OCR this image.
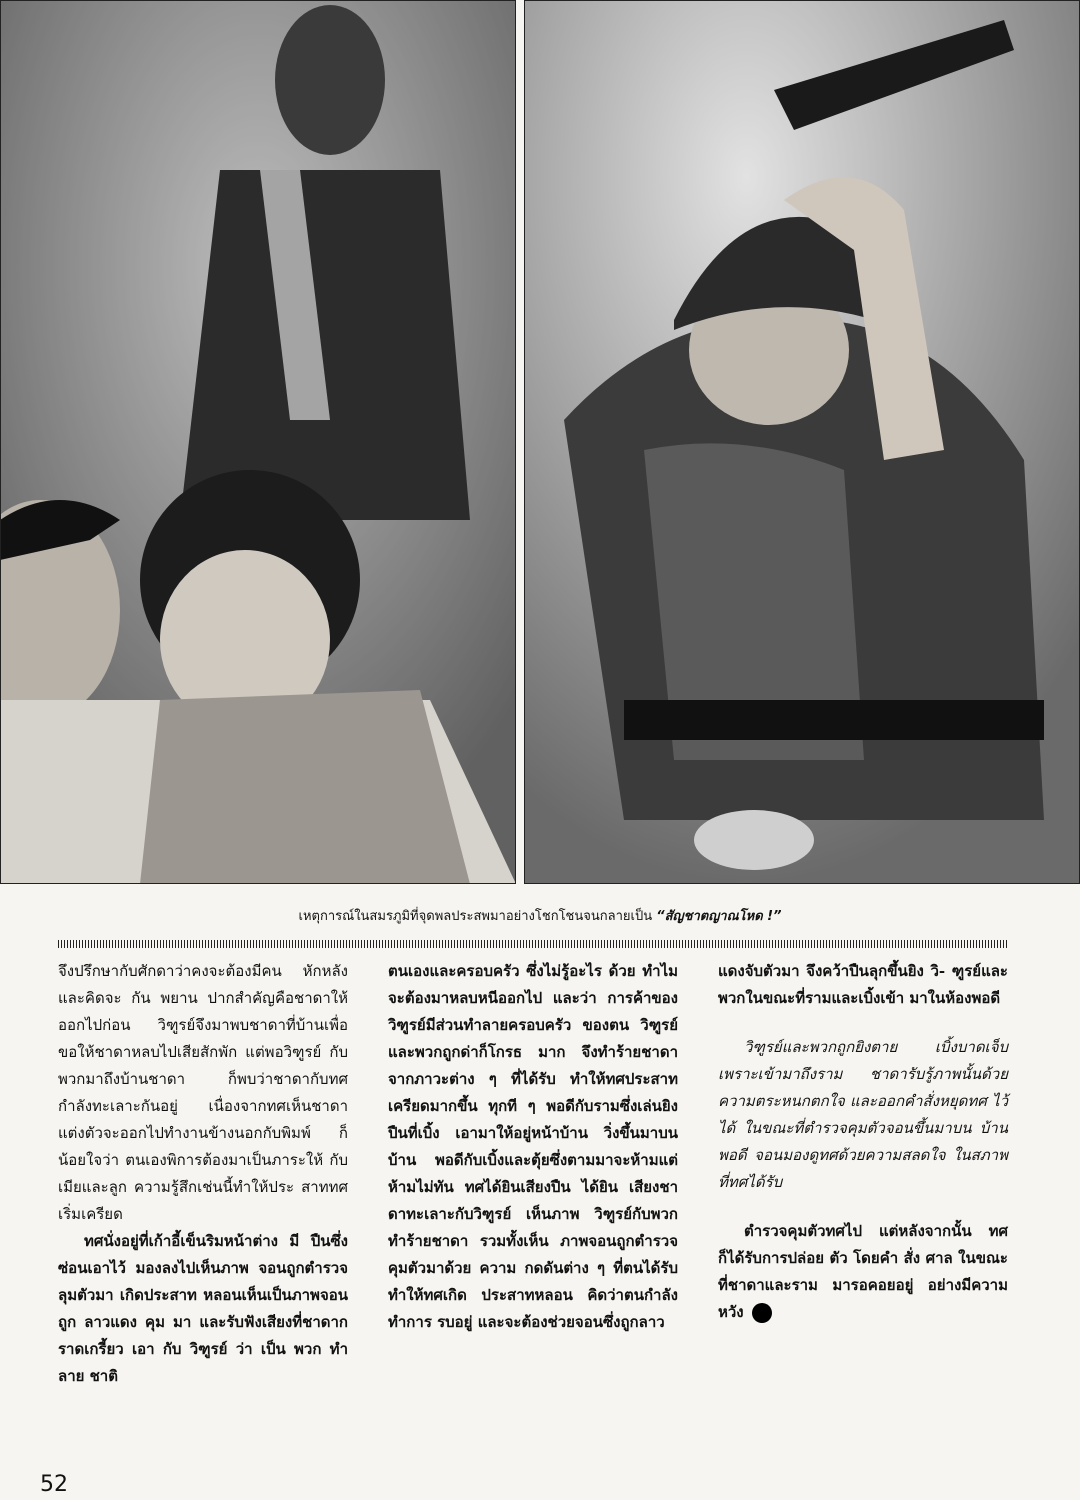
เหตุการณ์ในสมรภูมิที่จุดพลประสพมาอย่างโชกโชนจนกลายเป็น “สัญชาตญาณโหด !”

จึงปรึกษากับศักดาว่าคงจะต้องมีคน หักหลัง และคิดจะ กัน พยาน ปากสำคัญคือชาดาให้ ออกไปก่อน วิฑูรย์จึงมาพบชาดาที่บ้านเพื่อ ขอให้ชาดาหลบไปเสียสักพัก แต่พอวิฑูรย์ กับพวกมาถึงบ้านชาดา ก็พบว่าชาดากับทศ กำลังทะเลาะกันอยู่ เนื่องจากทศเห็นชาดา แต่งตัวจะออกไปทำงานข้างนอกกับพิมพ์ ก็ น้อยใจว่า ตนเองพิการต้องมาเป็นภาระให้ กับเมียและลูก ความรู้สึกเช่นนี้ทำให้ประ สาททศเริ่มเครียด

ทศนั่งอยู่ที่เก้าอี้เข็นริมหน้าต่าง มี ปืนซึ่งซ่อนเอาไว้ มองลงไปเห็นภาพ จอนถูกตำรวจลุมตัวมา เกิดประสาท หลอนเห็นเป็นภาพจอนถูก ลาวแดง คุม มา และรับฟังเสียงที่ชาดากราดเกรี้ยว เอา กับ วิฑูรย์ ว่า เป็น พวก ทำ ลาย ชาติ

ตนเองและครอบครัว ซึ่งไม่รู้อะไร ด้วย ทำไมจะต้องมาหลบหนีออกไป และว่า การค้าของวิฑูรย์มีส่วนทำลายครอบครัว ของตน วิฑูรย์และพวกถูกด่าก็โกรธ มาก จึงทำร้ายชาดา จากภาวะต่าง ๆ ที่ได้รับ ทำให้ทศประสาทเครียดมากขึ้น ทุกที ๆ พอดีกับรามซึ่งเล่นยิงปืนที่เบิ้ง เอามาให้อยู่หน้าบ้าน วิ่งขึ้นมาบนบ้าน พอดีกับเบิ้งและตุ้ยซึ่งตามมาจะห้ามแต่ ห้ามไม่ทัน ทศได้ยินเสียงปืน ได้ยิน เสียงชาดาทะเลาะกับวิฑูรย์ เห็นภาพ วิฑูรย์กับพวกทำร้ายชาดา รวมทั้งเห็น ภาพจอนถูกตำรวจคุมตัวมาด้วย ความ กดดันต่าง ๆ ที่ตนได้รับทำให้ทศเกิด ประสาทหลอน คิดว่าตนกำลังทำการ รบอยู่ และจะต้องช่วยจอนซึ่งถูกลาว

แดงจับตัวมา จึงคว้าปืนลุกขึ้นยิง วิ- ฑูรย์และพวกในขณะที่รามและเบิ้งเข้า มาในห้องพอดี

วิฑูรย์และพวกถูกยิงตาย เบิ้งบาดเจ็บ เพราะเข้ามาถึงราม ชาดารับรู้ภาพนั้นด้วย ความตระหนกตกใจ และออกคำสั่งหยุดทศ ไว้ได้ ในขณะที่ตำรวจคุมตัวจอนขึ้นมาบน บ้านพอดี จอนมองดูทศด้วยความสลดใจ ในสภาพที่ทศได้รับ

ตำรวจคุมตัวทศไป แต่หลังจากนั้น ทศก็ได้รับการปล่อย ตัว โดยคำ สั่ง ศาล ในขณะที่ชาดาและราม มารอคอยอยู่ อย่างมีความหวัง

52
